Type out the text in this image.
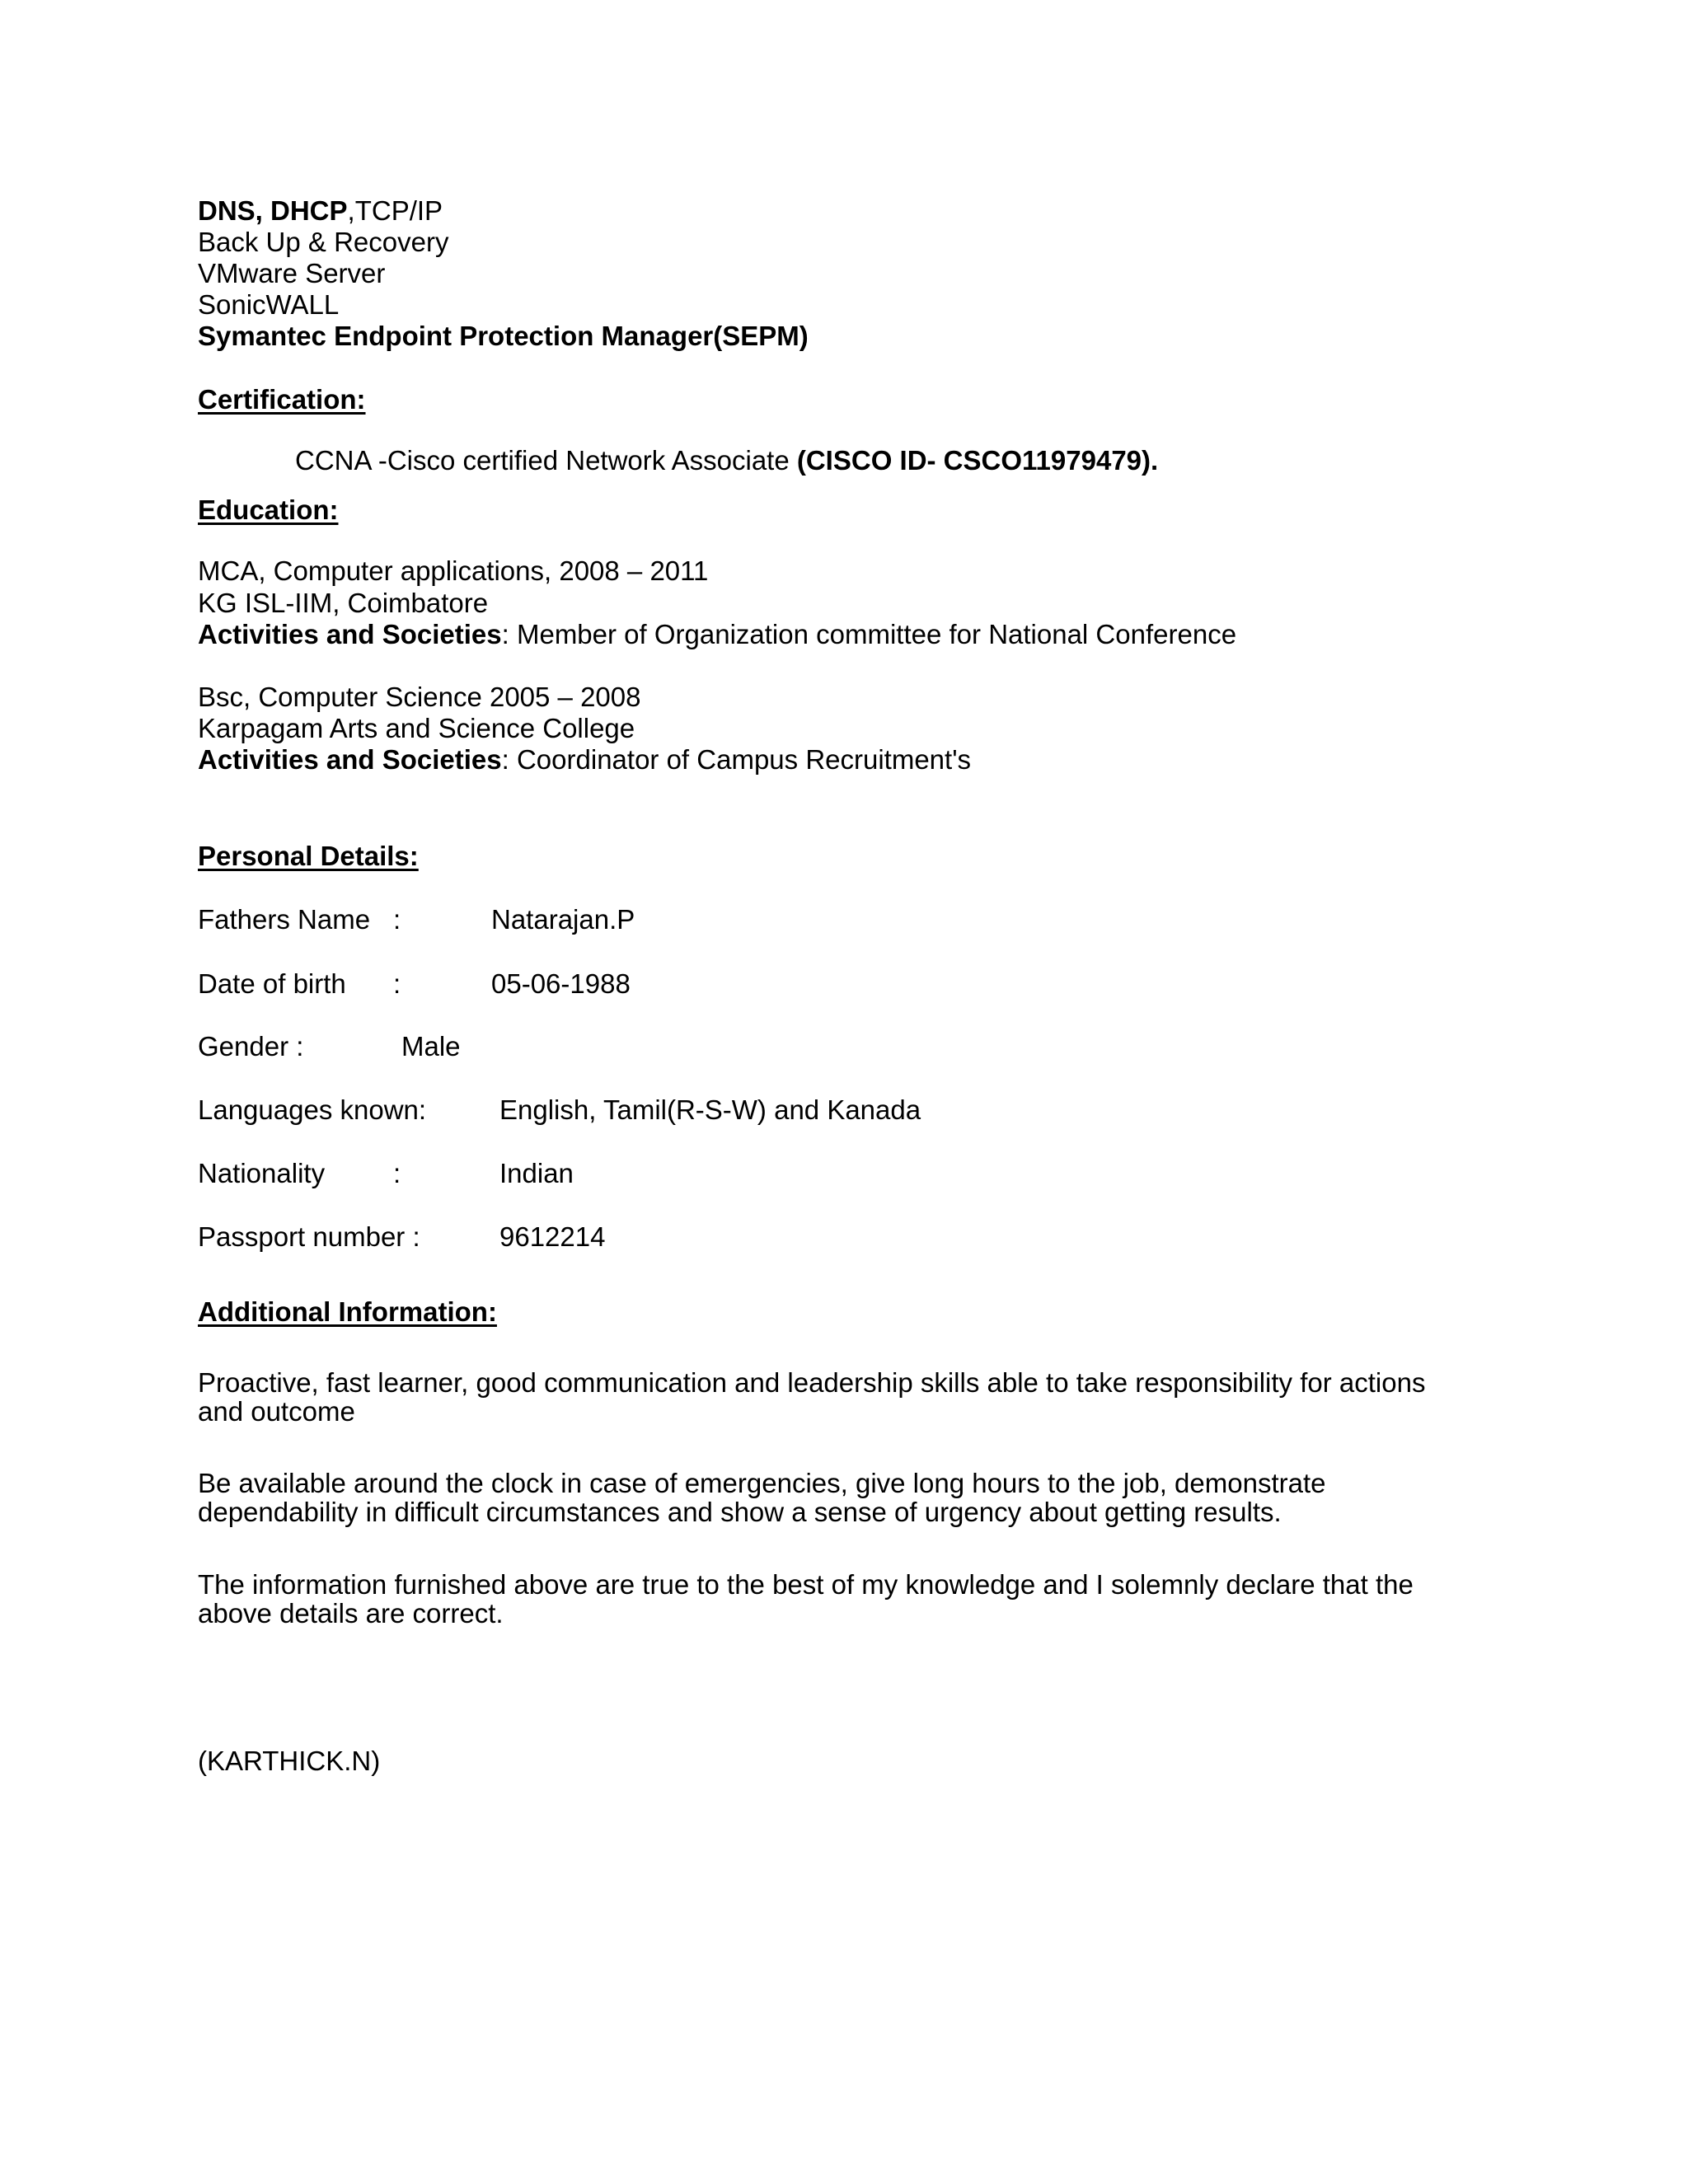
DNS, DHCP,TCP/IP
Back Up & Recovery
VMware Server
SonicWALL
Symantec Endpoint Protection Manager(SEPM)
Certification:
CCNA -Cisco certified Network Associate (CISCO ID- CSCO11979479).
Education:
MCA, Computer applications, 2008 – 2011
KG ISL-IIM, Coimbatore
Activities and Societies: Member of Organization committee for National Conference
Bsc, Computer Science 2005 – 2008
Karpagam Arts and Science College
Activities and Societies: Coordinator of Campus Recruitment's
Personal Details:
Fathers Name :	Natarajan.P
Date of birth :	05-06-1988
Gender :	Male
Languages known:	English, Tamil(R-S-W) and Kanada
Nationality	:	Indian
Passport number :	9612214
Additional Information:
Proactive, fast learner, good communication and leadership skills able to take responsibility for actions and outcome
Be available around the clock in case of emergencies, give long hours to the job, demonstrate dependability in difficult circumstances and show a sense of urgency about getting results.
The information furnished above are true to the best of my knowledge and I solemnly declare that the above details are correct.
(KARTHICK.N)
